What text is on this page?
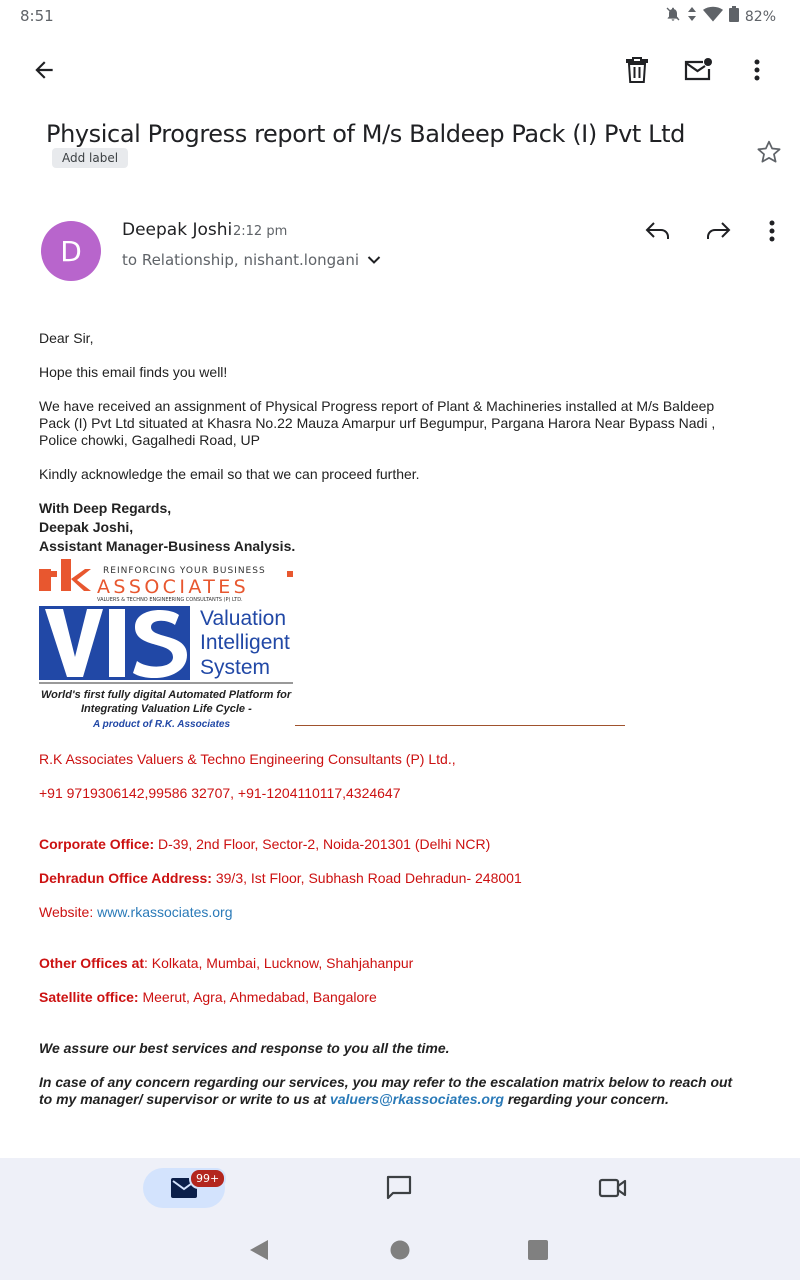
8:51	82%
Physical Progress report of M/s Baldeep Pack (I) Pvt Ltd Add label
D
Deepak Joshi 2:12 pm
to Relationship, nishant.longani

Dear Sir,

Hope this email finds you well!

We have received an assignment of Physical Progress report of Plant & Machineries installed at M/s Baldeep Pack (I) Pvt Ltd situated at Khasra No.22 Mauza Amarpur urf Begumpur, Pargana Harora Near Bypass Nadi , Police chowki, Gagalhedi Road, UP

Kindly acknowledge the email so that we can proceed further.

With Deep Regards,
Deepak Joshi,
Assistant Manager-Business Analysis.
REINFORCING YOUR BUSINESS
ASSOCIATES
VALUERS & TECHNO ENGINEERING CONSULTANTS (P) LTD.
Valuation
Intelligent
System
World's first fully digital Automated Platform for
Integrating Valuation Life Cycle -
A product of R.K. Associates

R.K Associates Valuers & Techno Engineering Consultants (P) Ltd.,

+91 9719306142,99586 32707, +91-1204110117,4324647

Corporate Office: D-39, 2nd Floor, Sector-2, Noida-201301 (Delhi NCR)

Dehradun Office Address: 39/3, Ist Floor, Subhash Road Dehradun- 248001

Website: www.rkassociates.org

Other Offices at: Kolkata, Mumbai, Lucknow, Shahjahanpur

Satellite office: Meerut, Agra, Ahmedabad, Bangalore

We assure our best services and response to you all the time.

In case of any concern regarding our services, you may refer to the escalation matrix below to reach out to my manager/ supervisor or write to us at valuers@rkassociates.org regarding your concern.

99+
